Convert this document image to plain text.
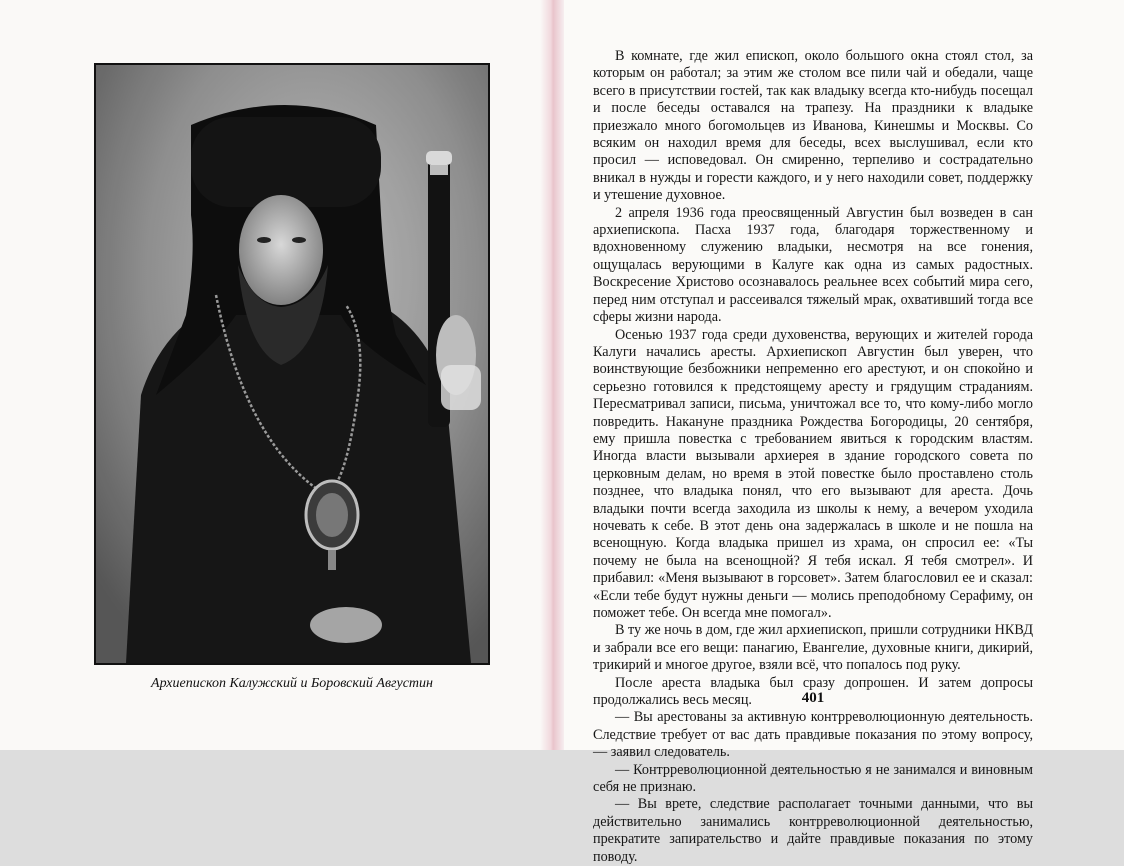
Архиепископ Калужский и Боровский Августин

В комнате, где жил епископ, около большого окна стоял стол, за которым он работал; за этим же столом все пили чай и обедали, чаще всего в присутствии гостей, так как владыку всегда кто-нибудь посещал и после беседы оставался на трапезу. На праздники к владыке приезжало много богомольцев из Иванова, Кинешмы и Москвы. Со всяким он находил время для беседы, всех выслушивал, если кто просил — исповедовал. Он смиренно, терпеливо и сострадательно вникал в нужды и горести каждого, и у него находили совет, поддержку и утешение духовное.

2 апреля 1936 года преосвященный Августин был возведен в сан архиепископа. Пасха 1937 года, благодаря торжественному и вдохновенному служению владыки, несмотря на все гонения, ощущалась верующими в Калуге как одна из самых радостных. Воскресение Христово осознавалось реальнее всех событий мира сего, перед ним отступал и рассеивался тяжелый мрак, охвативший тогда все сферы жизни народа.

Осенью 1937 года среди духовенства, верующих и жителей города Калуги начались аресты. Архиепископ Августин был уверен, что воинствующие безбожники непременно его арестуют, и он спокойно и серьезно готовился к предстоящему аресту и грядущим страданиям. Пересматривал записи, письма, уничтожал все то, что кому-либо могло повредить. Накануне праздника Рождества Богородицы, 20 сентября, ему пришла повестка с требованием явиться к городским властям. Иногда власти вызывали архиерея в здание городского совета по церковным делам, но время в этой повестке было проставлено столь позднее, что владыка понял, что его вызывают для ареста. Дочь владыки почти всегда заходила из школы к нему, а вечером уходила ночевать к себе. В этот день она задержалась в школе и не пошла на всенощную. Когда владыка пришел из храма, он спросил ее: «Ты почему не была на всенощной? Я тебя искал. Я тебя смотрел». И прибавил: «Меня вызывают в горсовет». Затем благословил ее и сказал: «Если тебе будут нужны деньги — молись преподобному Серафиму, он поможет тебе. Он всегда мне помогал».

В ту же ночь в дом, где жил архиепископ, пришли сотрудники НКВД и забрали все его вещи: панагию, Евангелие, духовные книги, дикирий, трикирий и многое другое, взяли всё, что попалось под руку.

После ареста владыка был сразу допрошен. И затем допросы продолжались весь месяц.

— Вы арестованы за активную контрреволюционную деятельность. Следствие требует от вас дать правдивые показания по этому вопросу, — заявил следователь.

— Контрреволюционной деятельностью я не занимался и виновным себя не признаю.

— Вы врете, следствие располагает точными данными, что вы действительно занимались контрреволюционной деятельностью, прекратите запирательство и дайте правдивые показания по этому поводу.

401
